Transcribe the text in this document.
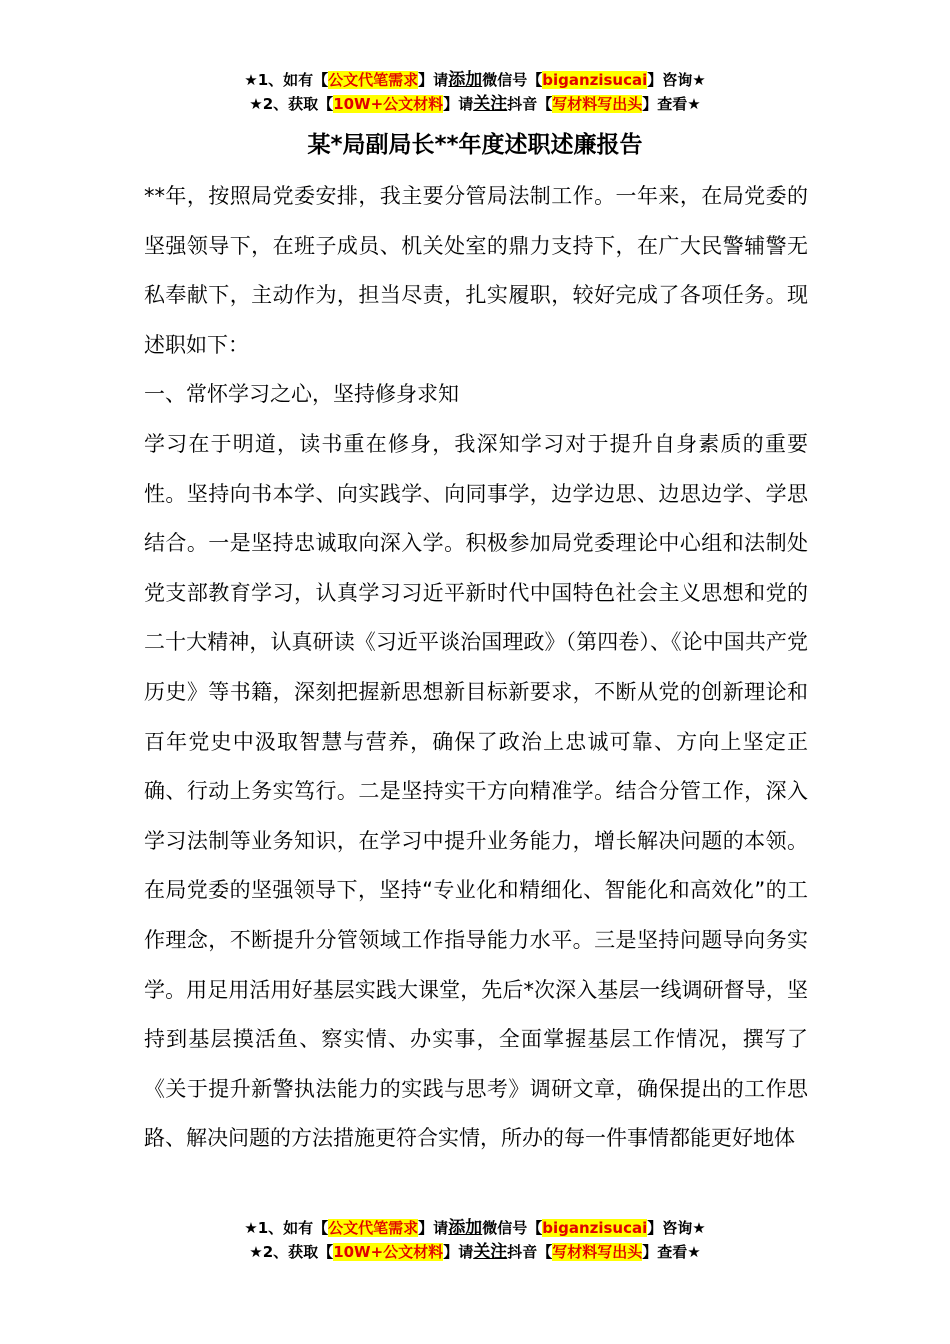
★1、如有【公文代笔需求】请添加微信号【biganzisucai】咨询★
★2、获取【10W+公文材料】请关注抖音【写材料写出头】查看★
某*局副局长**年度述职述廉报告

**年，按照局党委安排，我主要分管局法制工作。一年来，在局党委的坚强领导下，在班子成员、机关处室的鼎力支持下，在广大民警辅警无私奉献下，主动作为，担当尽责，扎实履职，较好完成了各项任务。现述职如下：

一、常怀学习之心，坚持修身求知

学习在于明道，读书重在修身，我深知学习对于提升自身素质的重要性。坚持向书本学、向实践学、向同事学，边学边思、边思边学、学思结合。一是坚持忠诚取向深入学。积极参加局党委理论中心组和法制处党支部教育学习，认真学习习近平新时代中国特色社会主义思想和党的二十大精神，认真研读《习近平谈治国理政》（第四卷）、《论中国共产党历史》等书籍，深刻把握新思想新目标新要求，不断从党的创新理论和百年党史中汲取智慧与营养，确保了政治上忠诚可靠、方向上坚定正确、行动上务实笃行。二是坚持实干方向精准学。结合分管工作，深入学习法制等业务知识，在学习中提升业务能力，增长解决问题的本领。在局党委的坚强领导下，坚持“专业化和精细化、智能化和高效化”的工作理念，不断提升分管领域工作指导能力水平。三是坚持问题导向务实学。用足用活用好基层实践大课堂，先后*次深入基层一线调研督导，坚持到基层摸活鱼、察实情、办实事，全面掌握基层工作情况，撰写了《关于提升新警执法能力的实践与思考》调研文章，确保提出的工作思路、解决问题的方法措施更符合实情，所办的每一件事情都能更好地体

★1、如有【公文代笔需求】请添加微信号【biganzisucai】咨询★
★2、获取【10W+公文材料】请关注抖音【写材料写出头】查看★
